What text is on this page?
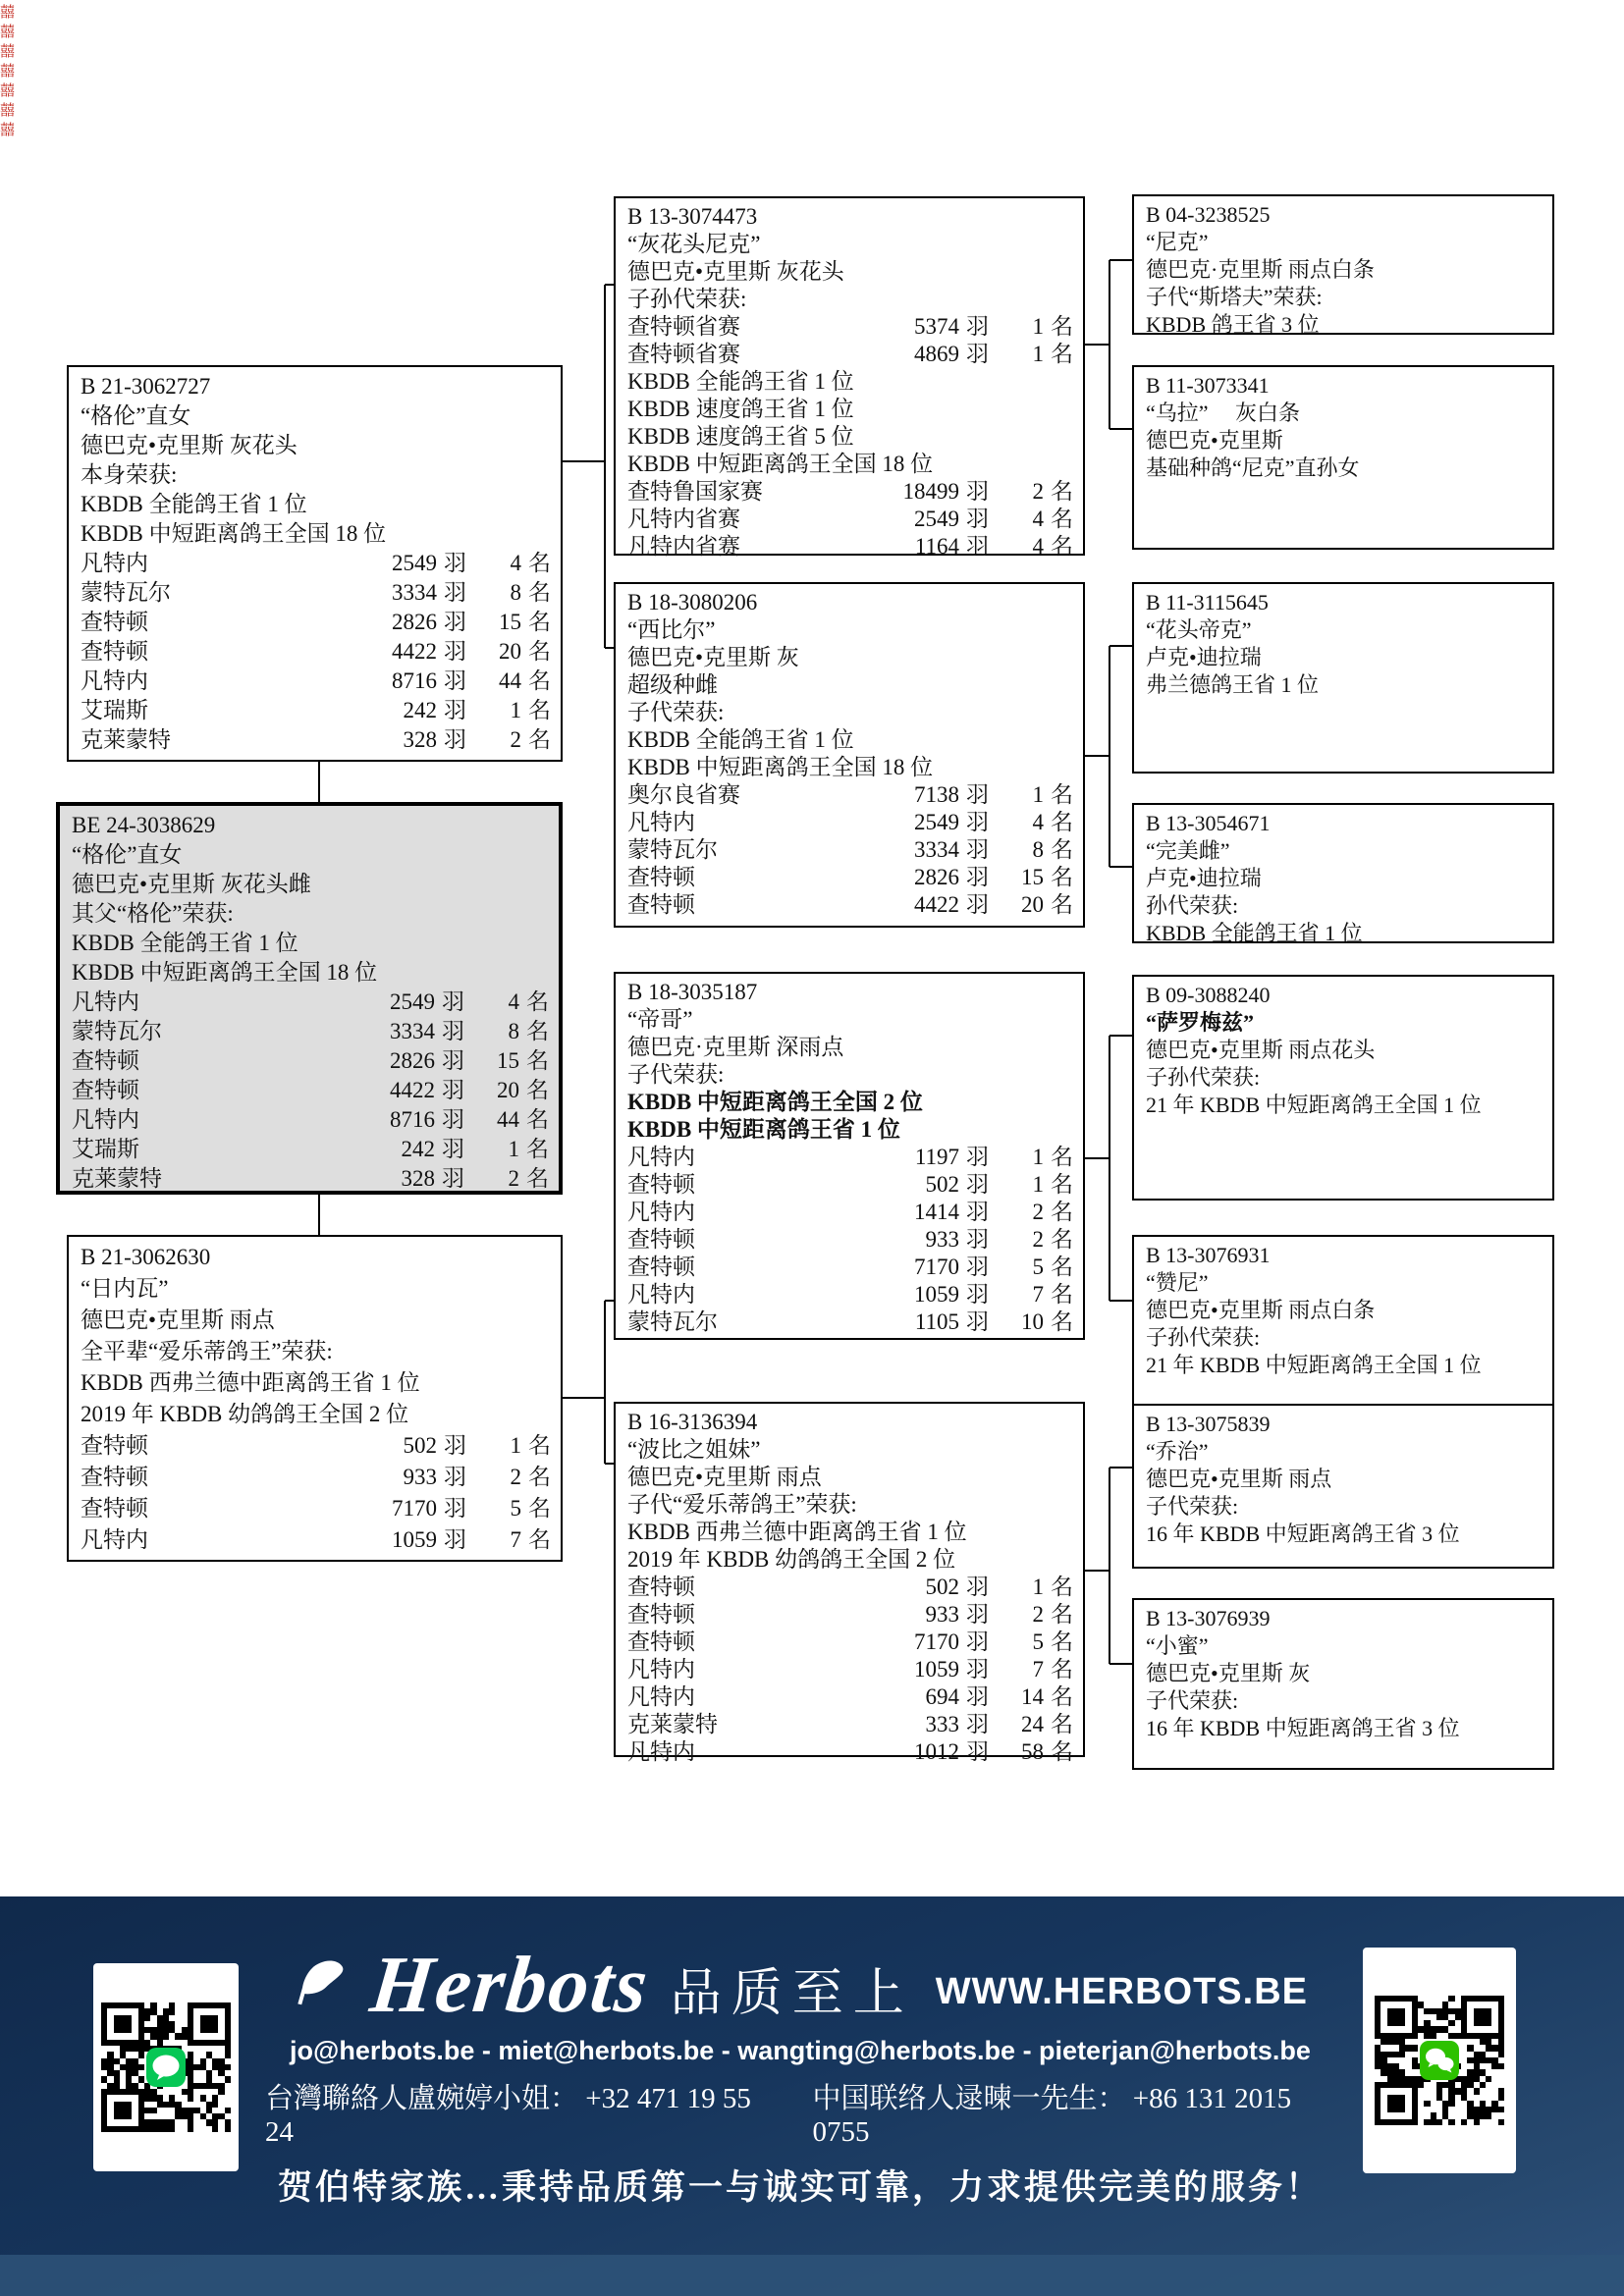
囍
囍
囍
囍
囍
囍
囍
B 21-3062727
“格伦”直女
德巴克•克里斯 灰花头
本身荣获:
KBDB 全能鸽王省 1 位
KBDB 中短距离鸽王全国 18 位
凡特内	2549 羽	4 名
蒙特瓦尔	3334 羽	8 名
查特顿	2826 羽	15 名
查特顿	4422 羽	20 名
凡特内	8716 羽	44 名
艾瑞斯	242 羽	1 名
克莱蒙特	328 羽	2 名
BE 24-3038629
“格伦”直女
德巴克•克里斯 灰花头雌
其父“格伦”荣获:
KBDB 全能鸽王省 1 位
KBDB 中短距离鸽王全国 18 位
凡特内	2549 羽	4 名
蒙特瓦尔	3334 羽	8 名
查特顿	2826 羽	15 名
查特顿	4422 羽	20 名
凡特内	8716 羽	44 名
艾瑞斯	242 羽	1 名
克莱蒙特	328 羽	2 名
B 21-3062630
“日内瓦”
德巴克•克里斯 雨点
全平辈“爱乐蒂鸽王”荣获:
KBDB 西弗兰德中距离鸽王省 1 位
2019 年 KBDB 幼鸽鸽王全国 2 位
查特顿	502 羽	1 名
查特顿	933 羽	2 名
查特顿	7170 羽	5 名
凡特内	1059 羽	7 名
B 13-3074473
“灰花头尼克”
德巴克•克里斯 灰花头
子孙代荣获:
查特顿省赛	5374 羽	1 名
查特顿省赛	4869 羽	1 名
KBDB 全能鸽王省 1 位
KBDB 速度鸽王省 1 位
KBDB 速度鸽王省 5 位
KBDB 中短距离鸽王全国 18 位
查特鲁国家赛	18499 羽	2 名
凡特内省赛	2549 羽	4 名
凡特内省赛	1164 羽	4 名
B 18-3080206
“西比尔”
德巴克•克里斯 灰
超级种雌
子代荣获:
KBDB 全能鸽王省 1 位
KBDB 中短距离鸽王全国 18 位
奥尔良省赛	7138 羽	1 名
凡特内	2549 羽	4 名
蒙特瓦尔	3334 羽	8 名
查特顿	2826 羽	15 名
查特顿	4422 羽	20 名
B 18-3035187
“帝哥”
德巴克·克里斯 深雨点
子代荣获:
KBDB 中短距离鸽王全国 2 位
KBDB 中短距离鸽王省 1 位
凡特内	1197 羽	1 名
查特顿	502 羽	1 名
凡特内	1414 羽	2 名
查特顿	933 羽	2 名
查特顿	7170 羽	5 名
凡特内	1059 羽	7 名
蒙特瓦尔	1105 羽	10 名
B 16-3136394
“波比之姐妹”
德巴克•克里斯 雨点
子代“爱乐蒂鸽王”荣获:
KBDB 西弗兰德中距离鸽王省 1 位
2019 年 KBDB 幼鸽鸽王全国 2 位
查特顿	502 羽	1 名
查特顿	933 羽	2 名
查特顿	7170 羽	5 名
凡特内	1059 羽	7 名
凡特内	694 羽	14 名
克莱蒙特	333 羽	24 名
凡特内	1012 羽	58 名
B 04-3238525
“尼克”
德巴克·克里斯 雨点白条
子代“斯塔夫”荣获:
KBDB 鸽王省 3 位
B 11-3073341
“乌拉”　 灰白条
德巴克•克里斯
基础种鸽“尼克”直孙女
B 11-3115645
“花头帝克”
卢克•迪拉瑞
弗兰德鸽王省 1 位
B 13-3054671
“完美雌”
卢克•迪拉瑞
孙代荣获:
KBDB 全能鸽王省 1 位
B 09-3088240
“萨罗梅兹”
德巴克•克里斯 雨点花头
子孙代荣获:
21 年 KBDB 中短距离鸽王全国 1 位
B 13-3076931
“赞尼”
德巴克•克里斯 雨点白条
子孙代荣获:
21 年 KBDB 中短距离鸽王全国 1 位
B 13-3075839
“乔治”
德巴克•克里斯 雨点
子代荣获:
16 年 KBDB 中短距离鸽王省 3 位
B 13-3076939
“小蜜”
德巴克•克里斯 灰
子代荣获:
16 年 KBDB 中短距离鸽王省 3 位
Herbots 品质至上 WWW.HERBOTS.BE
jo@herbots.be - miet@herbots.be - wangting@herbots.be - pieterjan@herbots.be
台灣聯絡人盧婉婷小姐： +32 471 19 55 24
中国联络人逯暕一先生： +86 131 2015 0755
贺伯特家族…秉持品质第一与诚实可靠，力求提供完美的服务！
